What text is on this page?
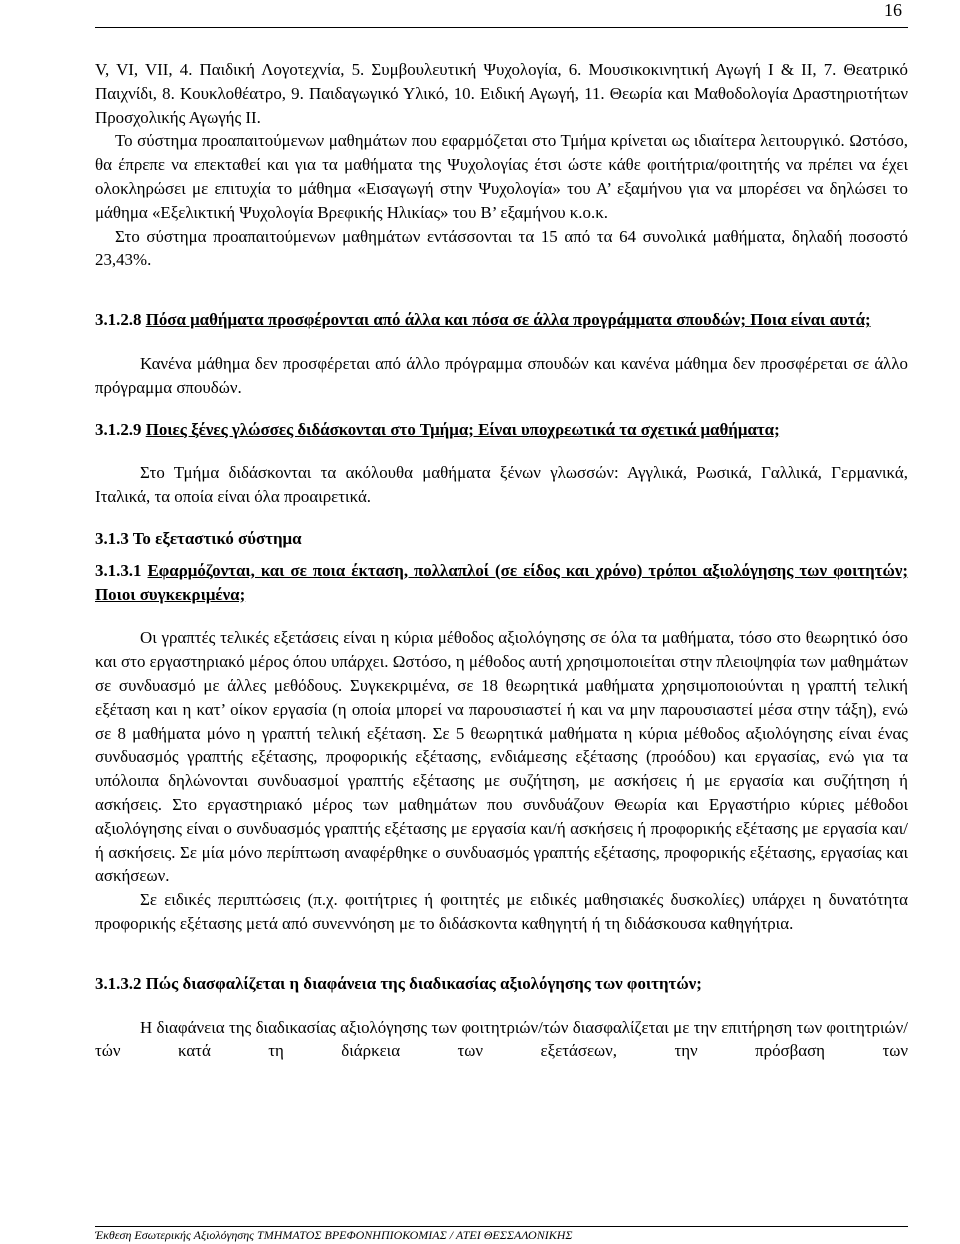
16

V, VI, VII, 4. Παιδική Λογοτεχνία, 5. Συμβουλευτική Ψυχολογία, 6. Μουσικοκινητική Αγωγή Ι & ΙΙ, 7. Θεατρικό Παιχνίδι, 8. Κουκλοθέατρο, 9. Παιδαγωγικό Υλικό, 10. Ειδική Αγωγή, 11. Θεωρία και Μαθοδολογία Δραστηριοτήτων Προσχολικής Αγωγής ΙΙ.

Το σύστημα προαπαιτούμενων μαθημάτων που εφαρμόζεται στο Τμήμα κρίνεται ως ιδιαίτερα λειτουργικό. Ωστόσο, θα έπρεπε να επεκταθεί και για τα μαθήματα της Ψυχολογίας έτσι ώστε κάθε φοιτήτρια/φοιτητής να πρέπει να έχει ολοκληρώσει με επιτυχία το μάθημα «Εισαγωγή στην Ψυχολογία» του Α’ εξαμήνου για να μπορέσει να δηλώσει το μάθημα «Εξελικτική Ψυχολογία Βρεφικής Ηλικίας» του Β’ εξαμήνου κ.ο.κ.

Στο σύστημα προαπαιτούμενων μαθημάτων εντάσσονται τα 15 από τα 64 συνολικά μαθήματα, δηλαδή ποσοστό 23,43%.

3.1.2.8 Πόσα μαθήματα προσφέρονται από άλλα και πόσα σε άλλα προγράμματα σπουδών; Ποια είναι αυτά;

Κανένα μάθημα δεν προσφέρεται από άλλο πρόγραμμα σπουδών και κανένα μάθημα δεν προσφέρεται σε άλλο πρόγραμμα σπουδών.

3.1.2.9 Ποιες ξένες γλώσσες διδάσκονται στο Τμήμα; Είναι υποχρεωτικά τα σχετικά μαθήματα;

Στο Τμήμα διδάσκονται τα ακόλουθα μαθήματα ξένων γλωσσών: Αγγλικά, Ρωσικά, Γαλλικά, Γερμανικά, Ιταλικά, τα οποία είναι όλα προαιρετικά.

3.1.3 Το εξεταστικό σύστημα

3.1.3.1 Εφαρμόζονται, και σε ποια έκταση, πολλαπλοί (σε είδος και χρόνο) τρόποι αξιολόγησης των φοιτητών; Ποιοι συγκεκριμένα;

Οι γραπτές τελικές εξετάσεις είναι η κύρια μέθοδος αξιολόγησης σε όλα τα μαθήματα, τόσο στο θεωρητικό όσο και στο εργαστηριακό μέρος όπου υπάρχει. Ωστόσο, η μέθοδος αυτή χρησιμοποιείται στην πλειοψηφία των μαθημάτων σε συνδυασμό με άλλες μεθόδους. Συγκεκριμένα, σε 18 θεωρητικά μαθήματα χρησιμοποιούνται η γραπτή τελική εξέταση και η κατ’ οίκον εργασία (η οποία μπορεί να παρουσιαστεί ή και να μην παρουσιαστεί μέσα στην τάξη), ενώ σε 8 μαθήματα μόνο η γραπτή τελική εξέταση. Σε 5 θεωρητικά μαθήματα η κύρια μέθοδος αξιολόγησης είναι ένας συνδυασμός γραπτής εξέτασης, προφορικής εξέτασης, ενδιάμεσης εξέτασης (προόδου) και εργασίας, ενώ για τα υπόλοιπα δηλώνονται συνδυασμοί γραπτής εξέτασης με συζήτηση, με ασκήσεις ή με εργασία και συζήτηση ή ασκήσεις. Στο εργαστηριακό μέρος των μαθημάτων που συνδυάζουν Θεωρία και Εργαστήριο κύριες μέθοδοι αξιολόγησης είναι ο συνδυασμός γραπτής εξέτασης με εργασία και/ή ασκήσεις ή προφορικής εξέτασης με εργασία και/ή ασκήσεις. Σε μία μόνο περίπτωση αναφέρθηκε ο συνδυασμός γραπτής εξέτασης, προφορικής εξέτασης, εργασίας και ασκήσεων.

Σε ειδικές περιπτώσεις (π.χ. φοιτήτριες ή φοιτητές με ειδικές μαθησιακές δυσκολίες) υπάρχει η δυνατότητα προφορικής εξέτασης μετά από συνεννόηση με το διδάσκοντα καθηγητή ή τη διδάσκουσα καθηγήτρια.

3.1.3.2 Πώς διασφαλίζεται η διαφάνεια της διαδικασίας αξιολόγησης των φοιτητών;

Η διαφάνεια της διαδικασίας αξιολόγησης των φοιτητριών/τών διασφαλίζεται με την επιτήρηση των φοιτητριών/τών κατά τη διάρκεια των εξετάσεων, την πρόσβαση των

Έκθεση Εσωτερικής Αξιολόγησης ΤΜΗΜΑΤΟΣ ΒΡΕΦΟΝΗΠΙΟΚΟΜΙΑΣ / ΑΤΕΙ ΘΕΣΣΑΛΟΝΙΚΗΣ
